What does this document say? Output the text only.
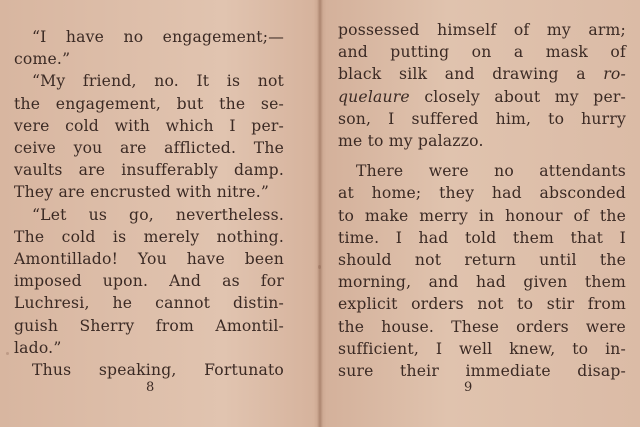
“I have no engagement;—
come.”
“My friend, no. It is not
the engagement, but the se-
vere cold with which I per-
ceive you are afflicted. The
vaults are insufferably damp.
They are encrusted with nitre.”
“Let us go, nevertheless.
The cold is merely nothing.
Amontillado! You have been
imposed upon. And as for
Luchresi, he cannot distin-
guish Sherry from Amontil-
lado.”
Thus speaking, Fortunato
8
possessed himself of my arm;
and putting on a mask of
black silk and drawing a ro-
quelaure closely about my per-
son, I suffered him, to hurry
me to my palazzo.
There were no attendants
at home; they had absconded
to make merry in honour of the
time. I had told them that I
should not return until the
morning, and had given them
explicit orders not to stir from
the house. These orders were
sufficient, I well knew, to in-
sure their immediate disap-
9
